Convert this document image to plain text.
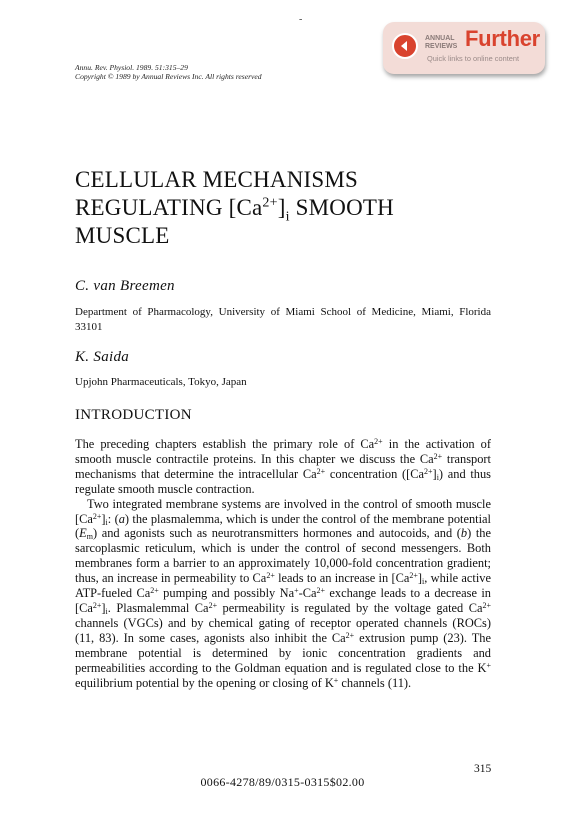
-
Annu. Rev. Physiol. 1989. 51:315–29
Copyright © 1989 by Annual Reviews Inc. All rights reserved
ANNUAL
REVIEWS Further
Quick links to online content
CELLULAR MECHANISMS
REGULATING $[Ca^{2+}]_i$ SMOOTH
MUSCLE
C. van Breemen
Department of Pharmacology, University of Miami School of Medicine, Miami, Florida 33101
K. Saida
Upjohn Pharmaceuticals, Tokyo, Japan
INTRODUCTION

The preceding chapters establish the primary role of $Ca^{2+}$ in the activation of smooth muscle contractile proteins. In this chapter we discuss the $Ca^{2+}$ transport mechanisms that determine the intracellular $Ca^{2+}$ concentration $([Ca^{2+}]_i)$ and thus regulate smooth muscle contraction.

Two integrated membrane systems are involved in the control of smooth muscle $[Ca^{2+}]_i$: (a) the plasmalemma, which is under the control of the membrane potential $(E_m)$ and agonists such as neurotransmitters hormones and autocoids, and (b) the sarcoplasmic reticulum, which is under the control of second messengers. Both membranes form a barrier to an approximately 10,000-fold concentration gradient; thus, an increase in permeability to $Ca^{2+}$ leads to an increase in $[Ca^{2+}]_i$, while active ATP-fueled $Ca^{2+}$ pumping and possibly $Na^+-Ca^{2+}$ exchange leads to a decrease in $[Ca^{2+}]_i$. Plasmalemmal $Ca^{2+}$ permeability is regulated by the voltage gated $Ca^{2+}$ channels (VGCs) and by chemical gating of receptor operated channels (ROCs) (11, 83). In some cases, agonists also inhibit the $Ca^{2+}$ extrusion pump (23). The membrane potential is determined by ionic concentration gradients and permeabilities according to the Goldman equation and is regulated close to the K+ equilibrium potential by the opening or closing of K+ channels (11).

315
0066-4278/89/0315-0315$02.00
